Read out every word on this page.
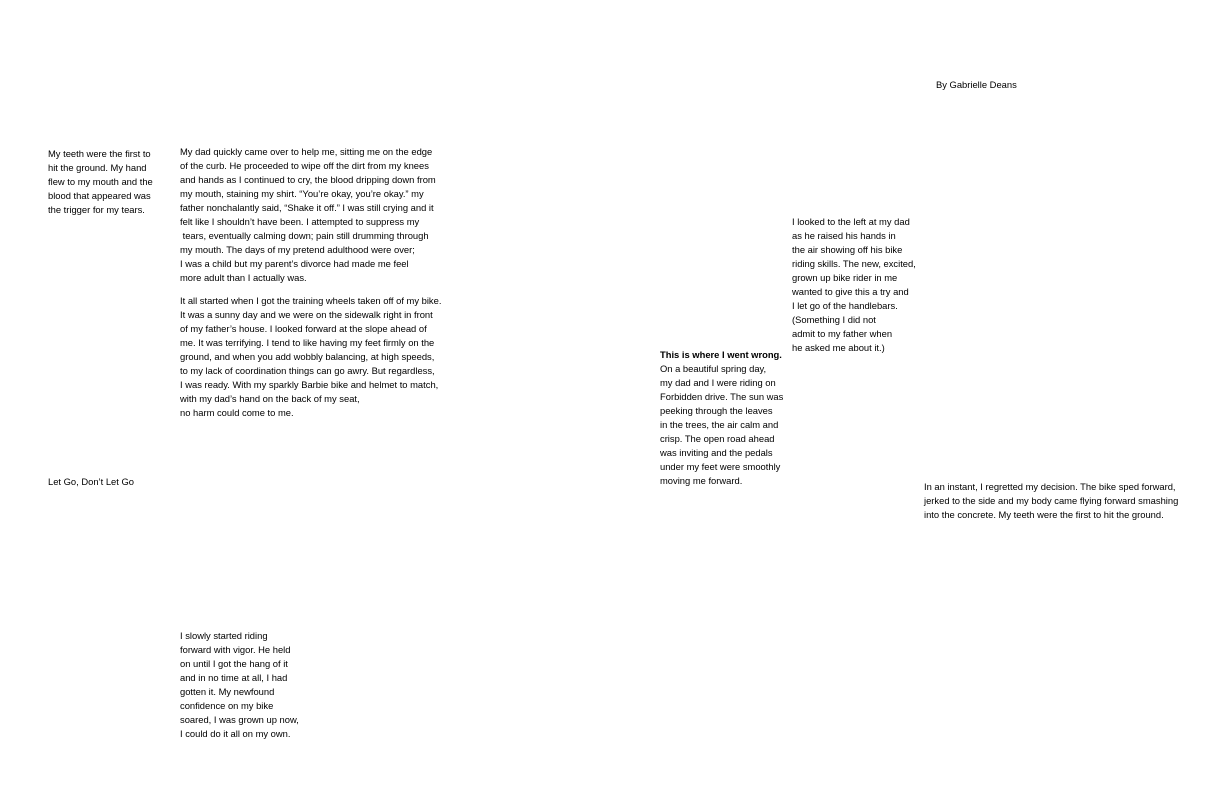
By Gabrielle Deans
Let Go, Don’t Let Go
My teeth were the first to
hit the ground. My hand
flew to my mouth and the
blood that appeared was
the trigger for my tears.
My dad quickly came over to help me, sitting me on the edge
of the curb. He proceeded to wipe off the dirt from my knees
and hands as I continued to cry, the blood dripping down from
my mouth, staining my shirt. “You’re okay, you’re okay.” my
father nonchalantly said, “Shake it off.” I was still crying and it
felt like I shouldn’t have been. I attempted to suppress my
tears, eventually calming down; pain still drumming through
my mouth. The days of my pretend adulthood were over;
I was a child but my parent’s divorce had made me feel
more adult than I actually was.
It all started when I got the training wheels taken off of my bike.
It was a sunny day and we were on the sidewalk right in front
of my father’s house. I looked forward at the slope ahead of
me. It was terrifying. I tend to like having my feet firmly on the
ground, and when you add wobbly balancing, at high speeds,
to my lack of coordination things can go awry. But regardless,
I was ready. With my sparkly Barbie bike and helmet to match,
with my dad’s hand on the back of my seat,
no harm could come to me.
I slowly started riding
forward with vigor. He held
on until I got the hang of it
and in no time at all, I had
gotten it. My newfound
confidence on my bike
soared, I was grown up now,
I could do it all on my own.
This is where I went wrong.
On a beautiful spring day,
my dad and I were riding on
Forbidden drive. The sun was
peeking through the leaves
in the trees, the air calm and
crisp. The open road ahead
was inviting and the pedals
under my feet were smoothly
moving me forward.
I looked to the left at my dad
as he raised his hands in
the air showing off his bike
riding skills. The new, excited,
grown up bike rider in me
wanted to give this a try and
I let go of the handlebars.
(Something I did not
admit to my father when
he asked me about it.)
In an instant, I regretted my decision. The bike sped forward,
jerked to the side and my body came flying forward smashing
into the concrete. My teeth were the first to hit the ground.
